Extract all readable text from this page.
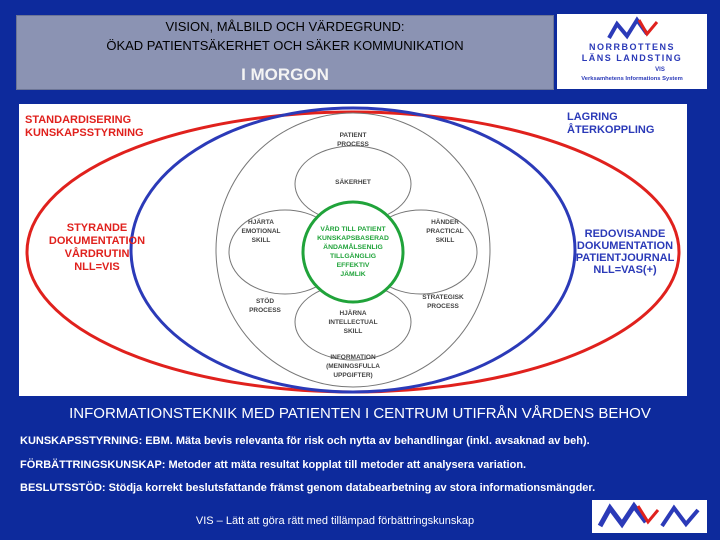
VISION, MÅLBILD OCH VÄRDEGRUND:
ÖKAD PATIENTSÄKERHET OCH SÄKER KOMMUNIKATION
I MORGON
NORRBOTTENS
LÄNS LANDSTING
VIS
Verksamhetens Informations System
STANDARDISERING
KUNSKAPSSTYRNING
LAGRING
ÅTERKOPPLING
STYRANDE
DOKUMENTATION
VÅRDRUTIN
NLL=VIS
REDOVISANDE
DOKUMENTATION
PATIENTJOURNAL
NLL=VAS(+)
PATIENT
PROCESS
SÄKERHET
HJÄRTA
EMOTIONAL
SKILL
HÄNDER
PRACTICAL
SKILL
STÖD
PROCESS
STRATEGISK
PROCESS
HJÄRNA
INTELLECTUAL
SKILL
INFORMATION
(MENINGSFULLA
UPPGIFTER)
VÅRD TILL PATIENT
KUNSKAPSBASERAD
ÄNDAMÅLSENLIG
TILLGÄNGLIG
EFFEKTIV
JÄMLIK
INFORMATIONSTEKNIK MED PATIENTEN I CENTRUM UTIFRÅN VÅRDENS BEHOV
KUNSKAPSSTYRNING: EBM. Mäta bevis relevanta för risk och nytta av behandlingar (inkl. avsaknad av beh).
FÖRBÄTTRINGSKUNSKAP: Metoder att mäta resultat kopplat till metoder att analysera variation.
BESLUTSSTÖD: Stödja korrekt beslutsfattande främst genom databearbetning av stora informationsmängder.
VIS – Lätt att göra rätt med tillämpad förbättringskunskap
